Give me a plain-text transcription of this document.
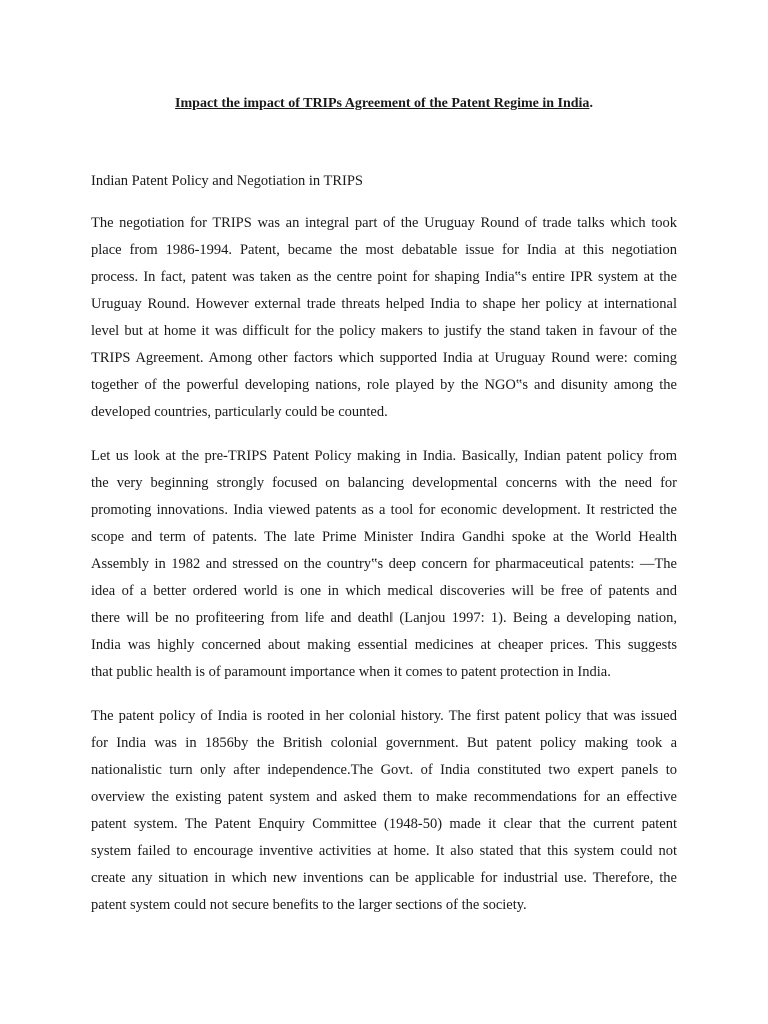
Impact the impact of TRIPs Agreement of the Patent Regime in India.
Indian Patent Policy and Negotiation in TRIPS
The negotiation for TRIPS was an integral part of the Uruguay Round of trade talks which took
place from 1986-1994. Patent, became the most debatable issue for India at this negotiation
process. In fact, patent was taken as the centre point for shaping India‟s entire IPR system at the
Uruguay Round. However external trade threats helped India to shape her policy at international
level but at home it was difficult for the policy makers to justify the stand taken in favour of the
TRIPS Agreement. Among other factors which supported India at Uruguay Round were: coming
together of the powerful developing nations, role played by the NGO‟s and disunity among the
developed countries, particularly could be counted.
Let us look at the pre-TRIPS Patent Policy making in India. Basically, Indian patent policy from
the very beginning strongly focused on balancing developmental concerns with the need for
promoting innovations. India viewed patents as a tool for economic development. It restricted the
scope and term of patents. The late Prime Minister Indira Gandhi spoke at the World Health
Assembly in 1982 and stressed on the country‟s deep concern for pharmaceutical patents: ―The
idea of a better ordered world is one in which medical discoveries will be free of patents and
there will be no profiteering from life and death‖ (Lanjou 1997: 1). Being a developing nation,
India was highly concerned about making essential medicines at cheaper prices. This suggests
that public health is of paramount importance when it comes to patent protection in India.
The patent policy of India is rooted in her colonial history. The first patent policy that was issued
for India was in 1856by the British colonial government. But patent policy making took a
nationalistic turn only after independence.The Govt. of India constituted two expert panels to
overview the existing patent system and asked them to make recommendations for an effective
patent system. The Patent Enquiry Committee (1948-50) made it clear that the current patent
system failed to encourage inventive activities at home. It also stated that this system could not
create any situation in which new inventions can be applicable for industrial use. Therefore, the
patent system could not secure benefits to the larger sections of the society.
